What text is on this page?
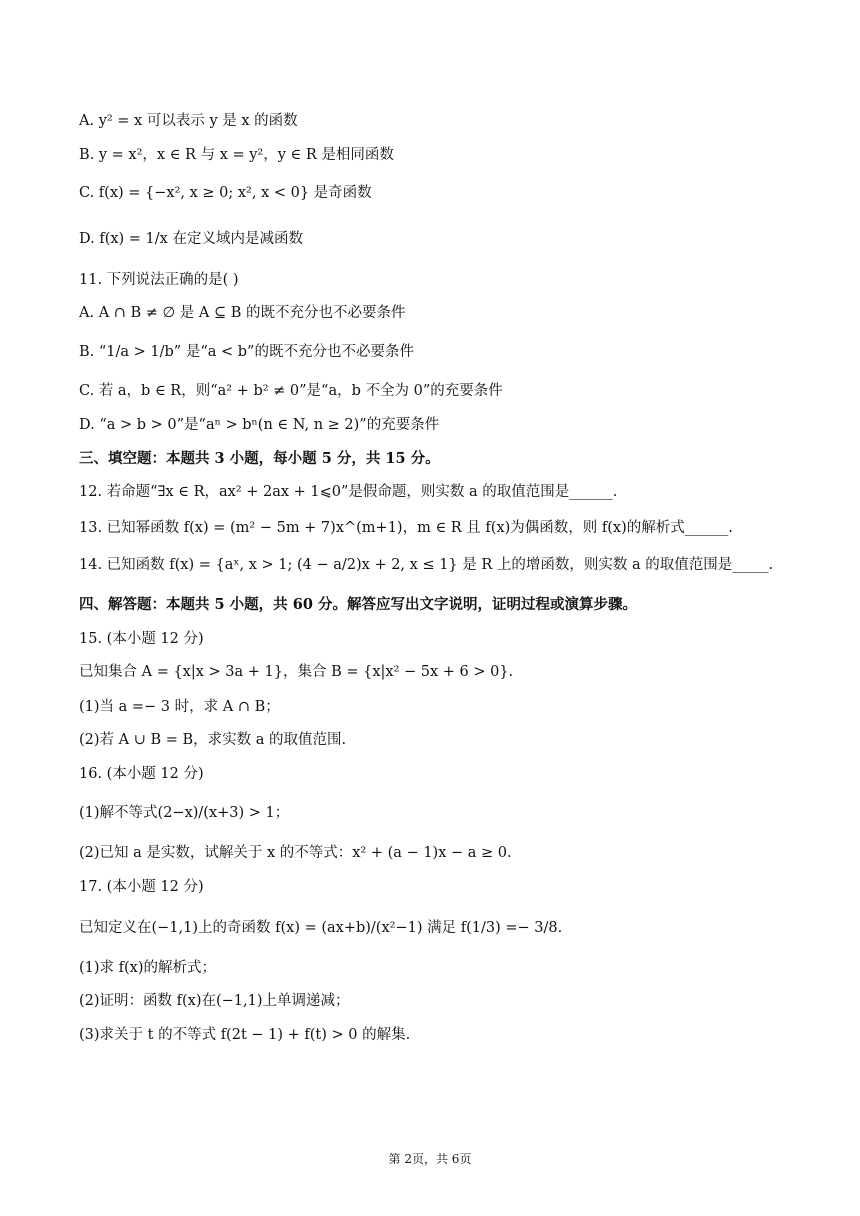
A. y² = x 可以表示 y 是 x 的函数
B. y = x²，x ∈ R 与 x = y²，y ∈ R 是相同函数
C. f(x) = {−x², x ≥ 0; x², x < 0} 是奇函数
D. f(x) = 1/x 在定义域内是减函数
11. 下列说法正确的是( )
A. A ∩ B ≠ ∅ 是 A ⊆ B 的既不充分也不必要条件
B. “1/a > 1/b” 是“a < b”的既不充分也不必要条件
C. 若 a，b ∈ R，则“a² + b² ≠ 0”是“a，b 不全为 0”的充要条件
D. “a > b > 0”是“aⁿ > bⁿ(n ∈ N, n ≥ 2)”的充要条件
三、填空题：本题共 3 小题，每小题 5 分，共 15 分。
12. 若命题“∃x ∈ R，ax² + 2ax + 1⩽0”是假命题，则实数 a 的取值范围是______.
13. 已知幂函数 f(x) = (m² − 5m + 7)x^(m+1)，m ∈ R 且 f(x)为偶函数，则 f(x)的解析式______.
14. 已知函数 f(x) = {aˣ, x > 1; (4 − a/2)x + 2, x ≤ 1} 是 R 上的增函数，则实数 a 的取值范围是_____.
四、解答题：本题共 5 小题，共 60 分。解答应写出文字说明，证明过程或演算步骤。
15. (本小题 12 分)
已知集合 A = {x|x > 3a + 1}，集合 B = {x|x² − 5x + 6 > 0}.
(1)当 a =− 3 时，求 A ∩ B；
(2)若 A ∪ B = B，求实数 a 的取值范围.
16. (本小题 12 分)
(1)解不等式(2−x)/(x+3) > 1；
(2)已知 a 是实数，试解关于 x 的不等式：x² + (a − 1)x − a ≥ 0.
17. (本小题 12 分)
已知定义在(−1,1)上的奇函数 f(x) = (ax+b)/(x²−1) 满足 f(1/3) =− 3/8.
(1)求 f(x)的解析式；
(2)证明：函数 f(x)在(−1,1)上单调递减；
(3)求关于 t 的不等式 f(2t − 1) + f(t) > 0 的解集.
第 2页，共 6页
